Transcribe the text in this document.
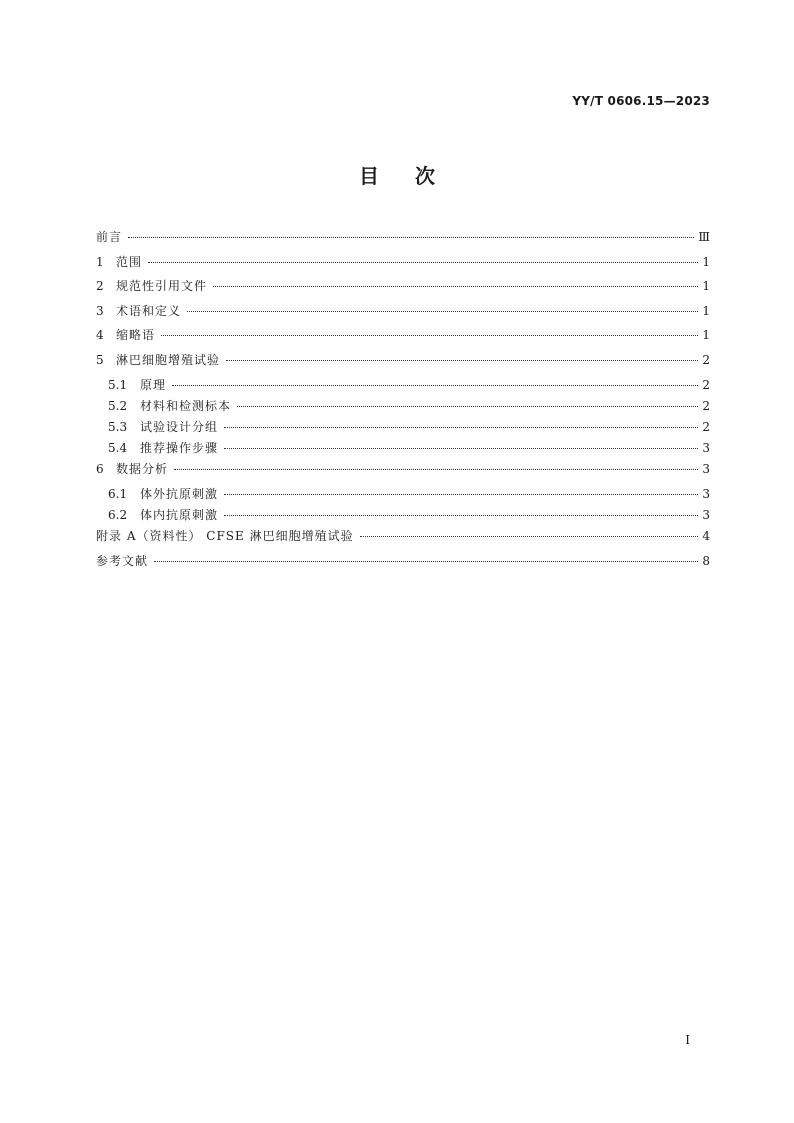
YY/T 0606.15—2023
目次
前言	Ⅲ
1	范围	1
2	规范性引用文件	1
3	术语和定义	1
4	缩略语	1
5	淋巴细胞增殖试验	2
5.1	原理	2
5.2	材料和检测标本	2
5.3	试验设计分组	2
5.4	推荐操作步骤	3
6	数据分析	3
6.1	体外抗原刺激	3
6.2	体内抗原刺激	3
附录 A（资料性） CFSE 淋巴细胞增殖试验	4
参考文献	8
I
